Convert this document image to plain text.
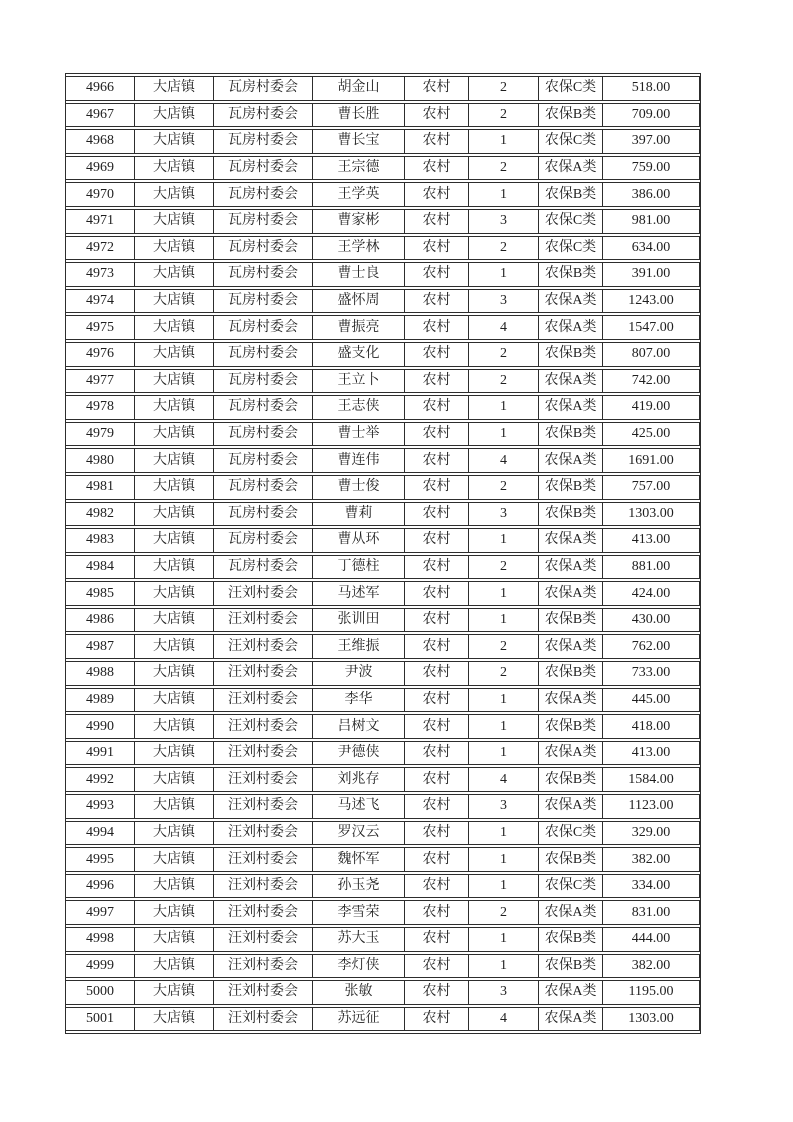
4966	大店镇	瓦房村委会	胡金山	农村	2	农保C类	518.00
4967	大店镇	瓦房村委会	曹长胜	农村	2	农保B类	709.00
4968	大店镇	瓦房村委会	曹长宝	农村	1	农保C类	397.00
4969	大店镇	瓦房村委会	王宗德	农村	2	农保A类	759.00
4970	大店镇	瓦房村委会	王学英	农村	1	农保B类	386.00
4971	大店镇	瓦房村委会	曹家彬	农村	3	农保C类	981.00
4972	大店镇	瓦房村委会	王学林	农村	2	农保C类	634.00
4973	大店镇	瓦房村委会	曹士良	农村	1	农保B类	391.00
4974	大店镇	瓦房村委会	盛怀周	农村	3	农保A类	1243.00
4975	大店镇	瓦房村委会	曹振亮	农村	4	农保A类	1547.00
4976	大店镇	瓦房村委会	盛支化	农村	2	农保B类	807.00
4977	大店镇	瓦房村委会	王立卜	农村	2	农保A类	742.00
4978	大店镇	瓦房村委会	王志侠	农村	1	农保A类	419.00
4979	大店镇	瓦房村委会	曹士举	农村	1	农保B类	425.00
4980	大店镇	瓦房村委会	曹连伟	农村	4	农保A类	1691.00
4981	大店镇	瓦房村委会	曹士俊	农村	2	农保B类	757.00
4982	大店镇	瓦房村委会	曹莉	农村	3	农保B类	1303.00
4983	大店镇	瓦房村委会	曹从环	农村	1	农保A类	413.00
4984	大店镇	瓦房村委会	丁德柱	农村	2	农保A类	881.00
4985	大店镇	汪刘村委会	马述军	农村	1	农保A类	424.00
4986	大店镇	汪刘村委会	张训田	农村	1	农保B类	430.00
4987	大店镇	汪刘村委会	王维振	农村	2	农保A类	762.00
4988	大店镇	汪刘村委会	尹波	农村	2	农保B类	733.00
4989	大店镇	汪刘村委会	李华	农村	1	农保A类	445.00
4990	大店镇	汪刘村委会	吕树文	农村	1	农保B类	418.00
4991	大店镇	汪刘村委会	尹德侠	农村	1	农保A类	413.00
4992	大店镇	汪刘村委会	刘兆存	农村	4	农保B类	1584.00
4993	大店镇	汪刘村委会	马述飞	农村	3	农保A类	1123.00
4994	大店镇	汪刘村委会	罗汉云	农村	1	农保C类	329.00
4995	大店镇	汪刘村委会	魏怀军	农村	1	农保B类	382.00
4996	大店镇	汪刘村委会	孙玉尧	农村	1	农保C类	334.00
4997	大店镇	汪刘村委会	李雪荣	农村	2	农保A类	831.00
4998	大店镇	汪刘村委会	苏大玉	农村	1	农保B类	444.00
4999	大店镇	汪刘村委会	李灯侠	农村	1	农保B类	382.00
5000	大店镇	汪刘村委会	张敏	农村	3	农保A类	1195.00
5001	大店镇	汪刘村委会	苏远征	农村	4	农保A类	1303.00
